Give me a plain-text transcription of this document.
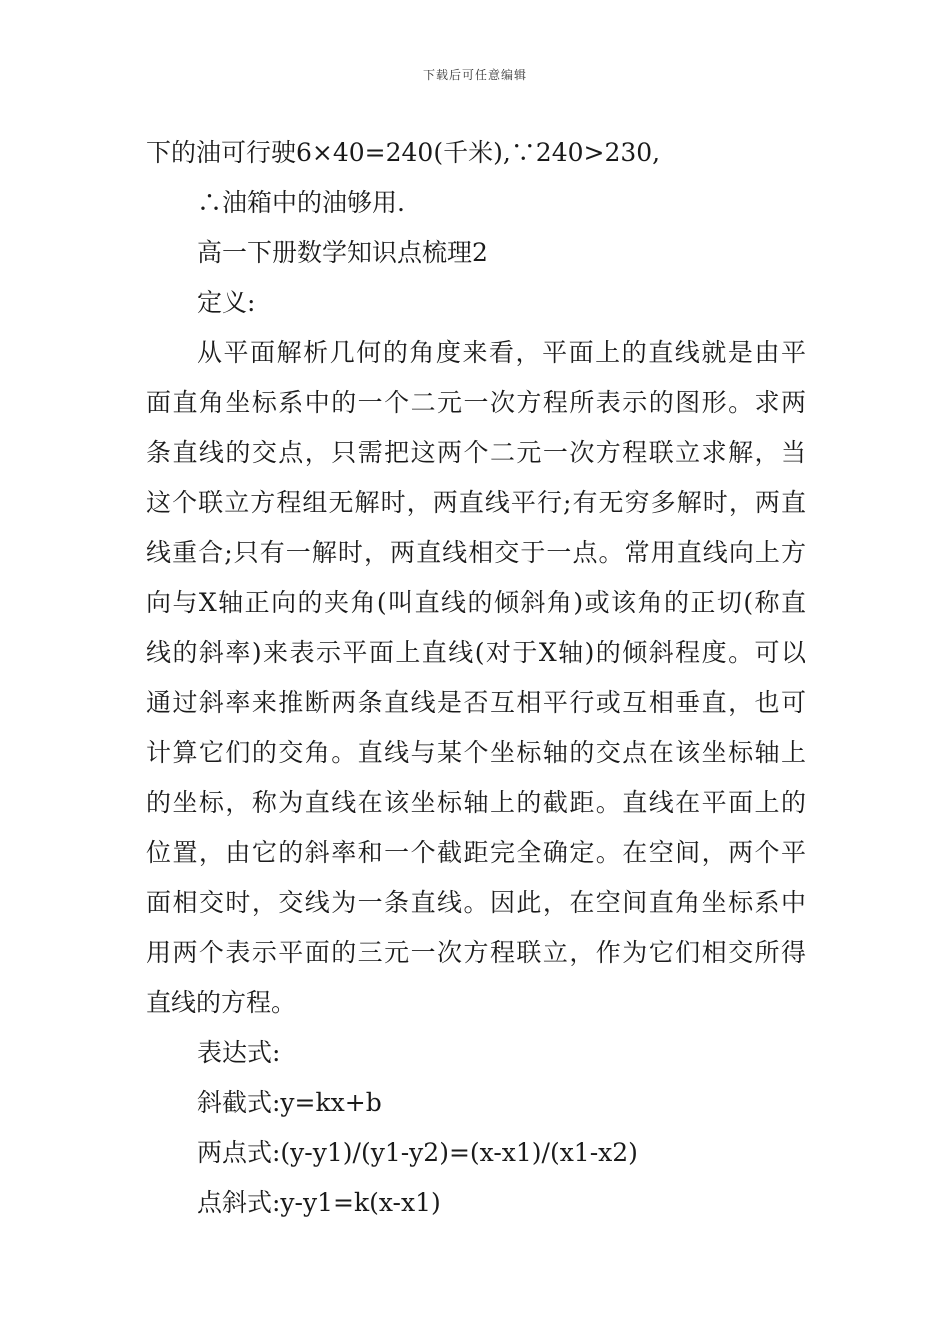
下载后可任意编辑
下的油可行驶6×40=240(千米),∵240>230,
∴油箱中的油够用.
高一下册数学知识点梳理2
定义:
从平面解析几何的角度来看，平面上的直线就是由平
面直角坐标系中的一个二元一次方程所表示的图形。求两
条直线的交点，只需把这两个二元一次方程联立求解，当
这个联立方程组无解时，两直线平行;有无穷多解时，两直
线重合;只有一解时，两直线相交于一点。常用直线向上方
向与X轴正向的夹角(叫直线的倾斜角)或该角的正切(称直
线的斜率)来表示平面上直线(对于X轴)的倾斜程度。可以
通过斜率来推断两条直线是否互相平行或互相垂直，也可
计算它们的交角。直线与某个坐标轴的交点在该坐标轴上
的坐标，称为直线在该坐标轴上的截距。直线在平面上的
位置，由它的斜率和一个截距完全确定。在空间，两个平
面相交时，交线为一条直线。因此，在空间直角坐标系中
用两个表示平面的三元一次方程联立，作为它们相交所得
直线的方程。
表达式:
斜截式:y=kx+b
两点式:(y-y1)/(y1-y2)=(x-x1)/(x1-x2)
点斜式:y-y1=k(x-x1)
